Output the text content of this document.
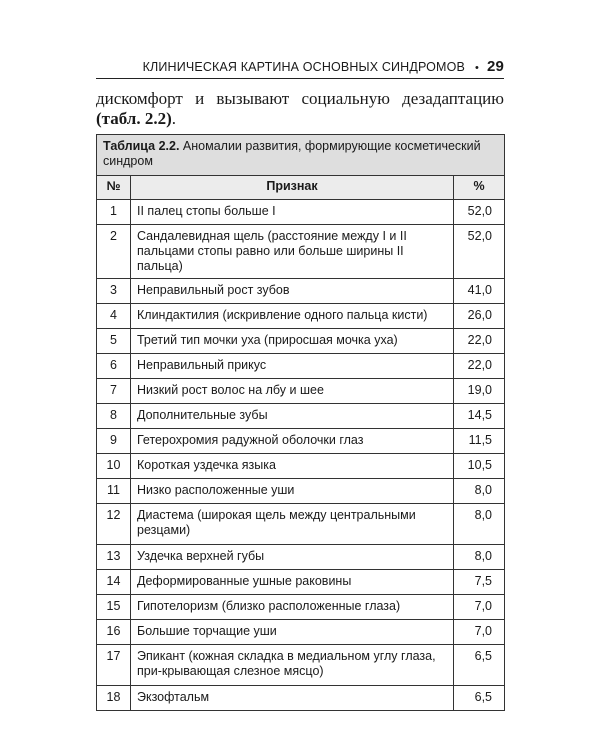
КЛИНИЧЕСКАЯ КАРТИНА ОСНОВНЫХ СИНДРОМОВ • 29
дискомфорт и вызывают социальную дезадаптацию
(табл. 2.2).
Таблица 2.2. Аномалии развития, формирующие косметический синдром		
№	Признак	%
1	II палец стопы больше I	52,0
2	Сандалевидная щель (расстояние между I и II пальцами стопы равно или больше ширины II пальца)	52,0
3	Неправильный рост зубов	41,0
4	Клиндактилия (искривление одного пальца кисти)	26,0
5	Третий тип мочки уха (приросшая мочка уха)	22,0
6	Неправильный прикус	22,0
7	Низкий рост волос на лбу и шее	19,0
8	Дополнительные зубы	14,5
9	Гетерохромия радужной оболочки глаз	11,5
10	Короткая уздечка языка	10,5
11	Низко расположенные уши	8,0
12	Диастема (широкая щель между центральными резцами)	8,0
13	Уздечка верхней губы	8,0
14	Деформированные ушные раковины	7,5
15	Гипотелоризм (близко расположенные глаза)	7,0
16	Большие торчащие уши	7,0
17	Эпикант (кожная складка в медиальном углу глаза, при-крывающая слезное мясцо)	6,5
18	Экзофтальм	6,5
